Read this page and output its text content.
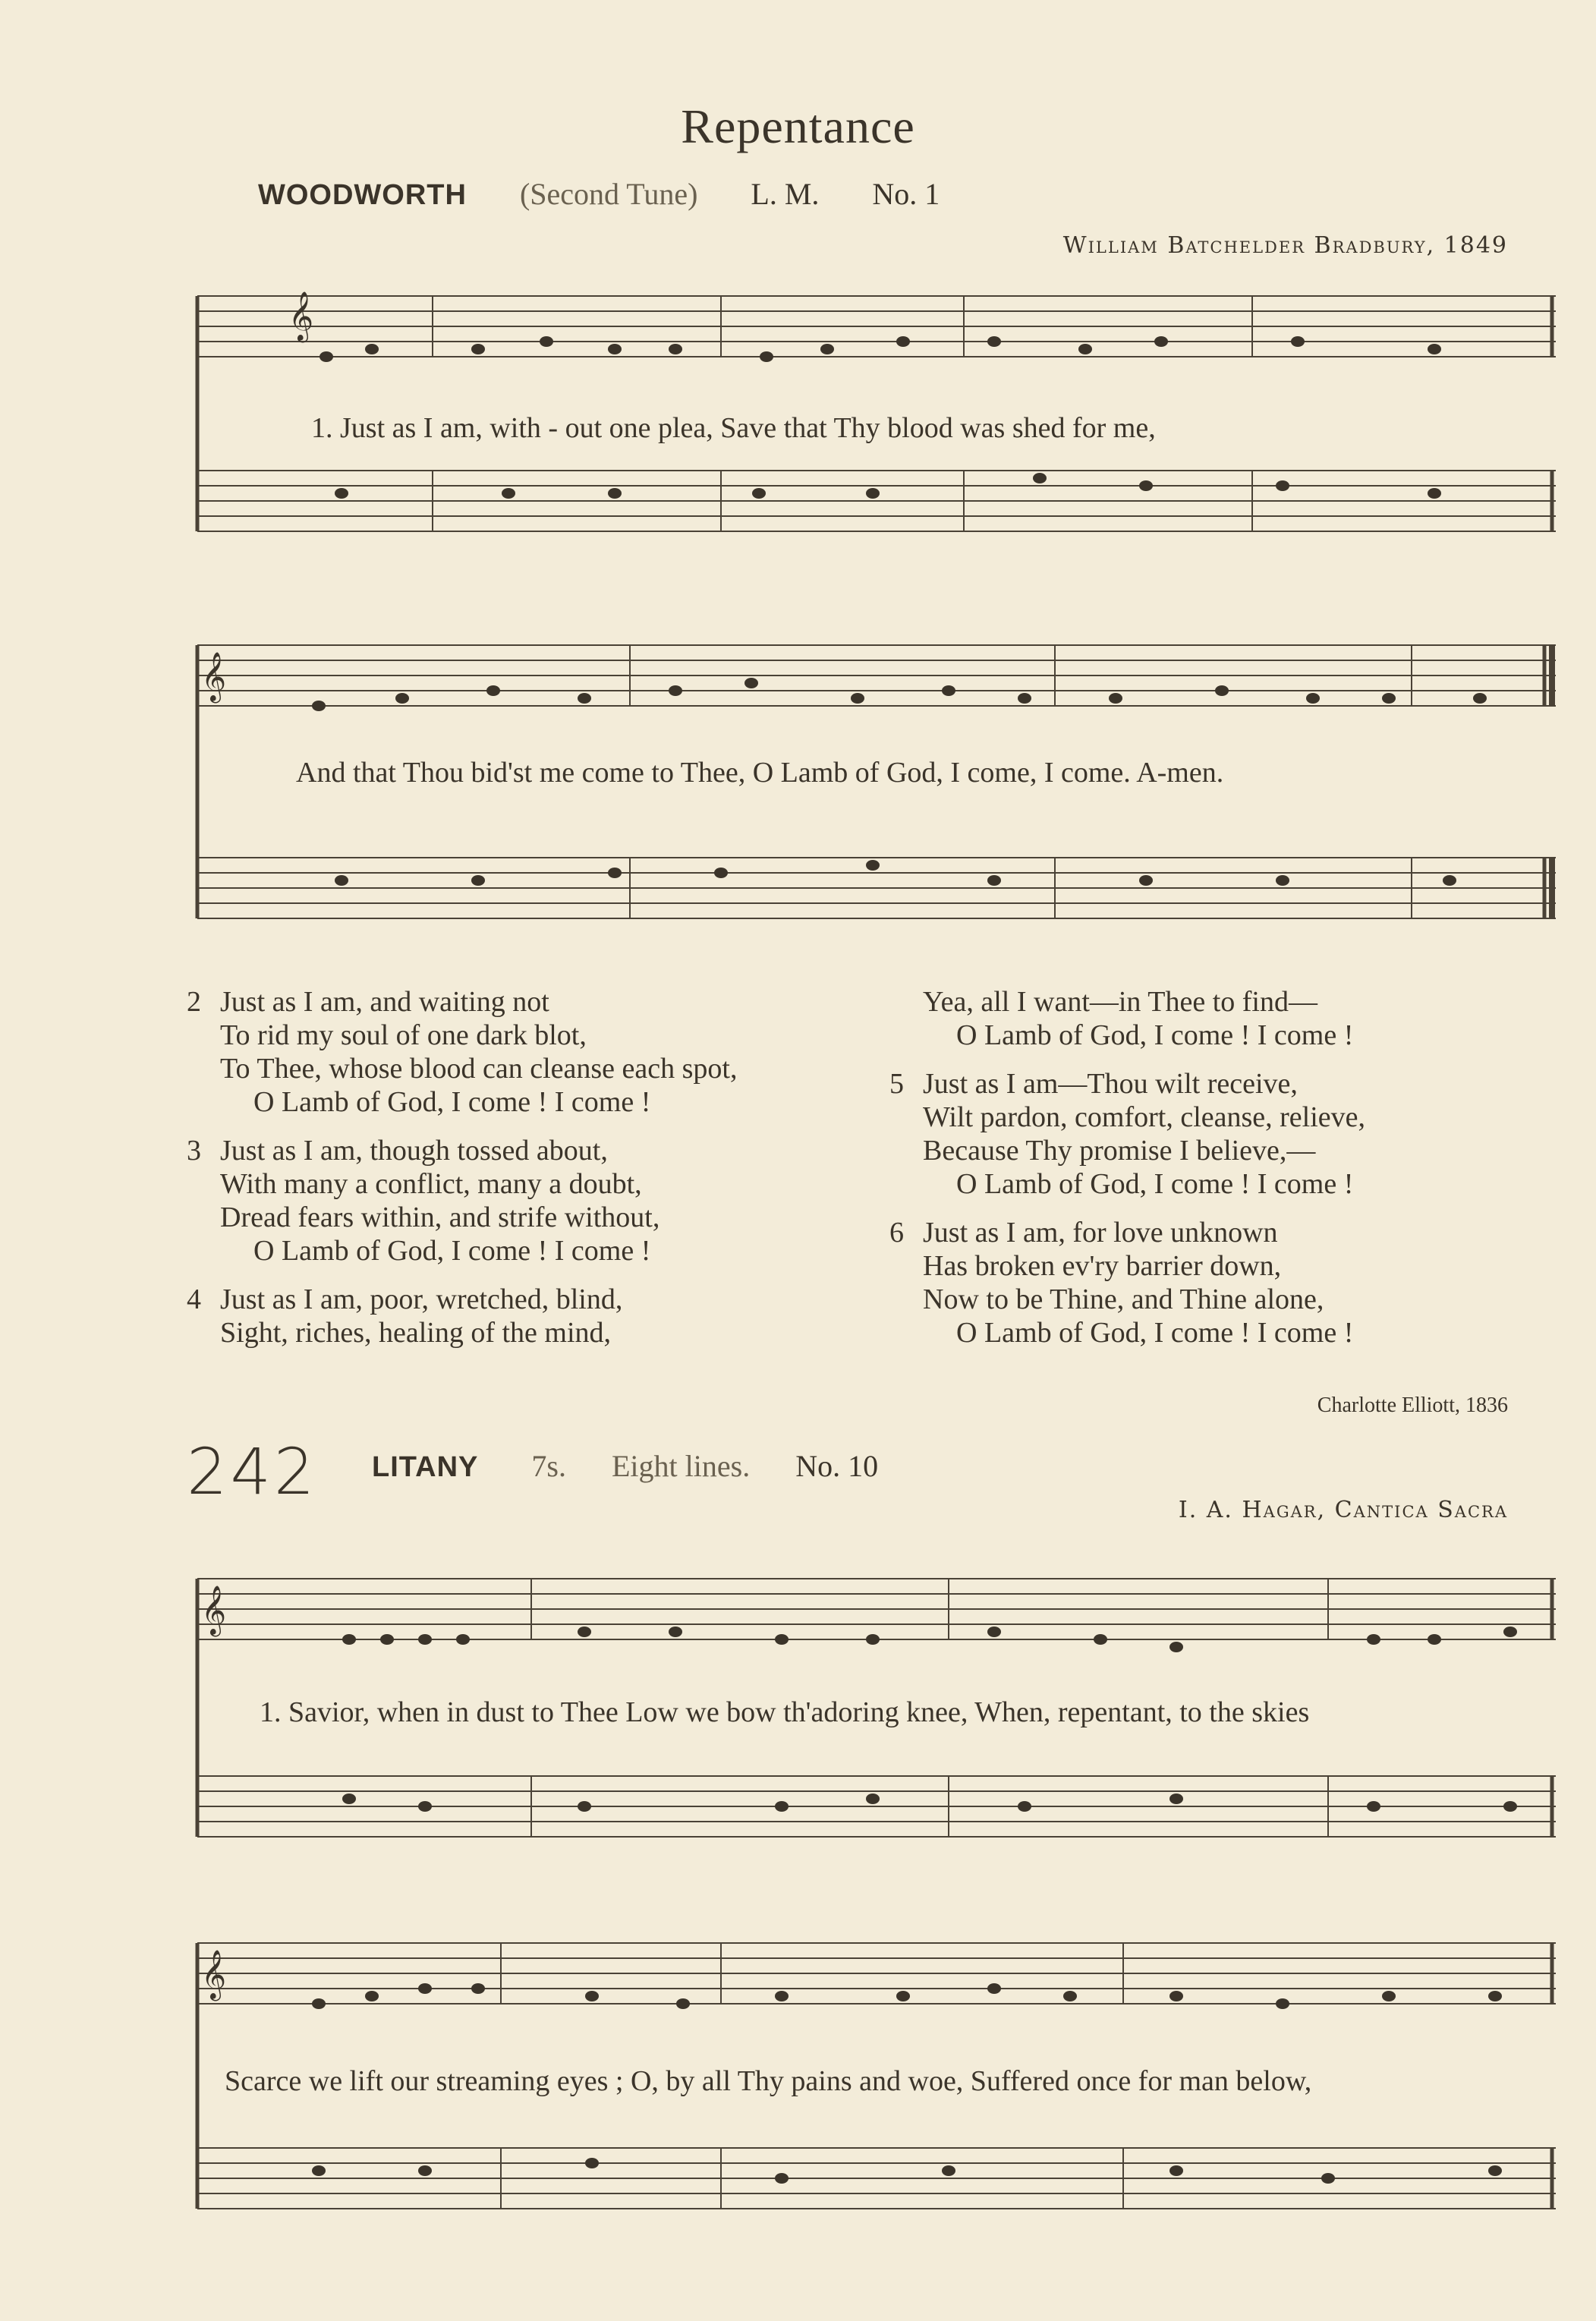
Repentance
WOODWORTH (Second Tune) L. M. No. 1
William Batchelder Bradbury, 1849
𝄞
1. Just as I am, with - out one plea, Save that Thy blood was shed for me,
𝄞
And that Thou bid'st me come to Thee, O Lamb of God, I come, I come. A-men.
2 Just as I am, and waiting not
To rid my soul of one dark blot,
To Thee, whose blood can cleanse each spot,
O Lamb of God, I come ! I come !
3 Just as I am, though tossed about,
With many a conflict, many a doubt,
Dread fears within, and strife without,
O Lamb of God, I come ! I come !
4 Just as I am, poor, wretched, blind,
Sight, riches, healing of the mind,
Yea, all I want—in Thee to find—
O Lamb of God, I come ! I come !
5 Just as I am—Thou wilt receive,
Wilt pardon, comfort, cleanse, relieve,
Because Thy promise I believe,—
O Lamb of God, I come ! I come !
6 Just as I am, for love unknown
Has broken ev'ry barrier down,
Now to be Thine, and Thine alone,
O Lamb of God, I come ! I come !
Charlotte Elliott, 1836
242 LITANY 7s. Eight lines. No. 10
I. A. Hagar, Cantica Sacra
𝄞
1. Savior, when in dust to Thee Low we bow th'adoring knee, When, repentant, to the skies
𝄞
Scarce we lift our streaming eyes ; O, by all Thy pains and woe, Suffered once for man below,
